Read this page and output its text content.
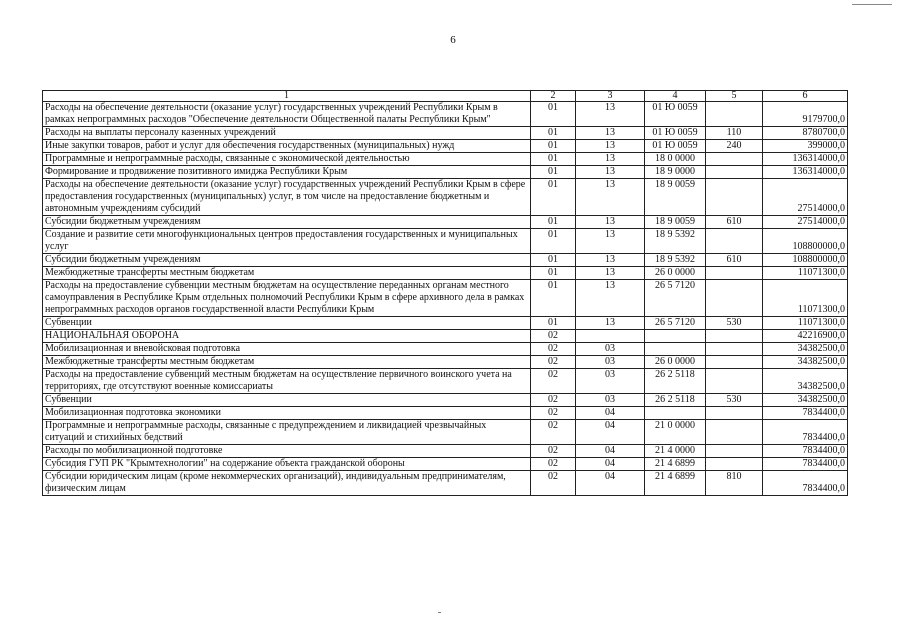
6
1	2	3	4	5	6
Расходы на обеспечение деятельности (оказание услуг) государственных учреждений Республики Крым в рамках непрограммных расходов "Обеспечение деятельности Общественной палаты Республики Крым"	01	13	01 Ю 0059		9179700,0
Расходы на выплаты персоналу казенных учреждений	01	13	01 Ю 0059	110	8780700,0
Иные закупки товаров, работ и услуг для обеспечения государственных (муниципальных) нужд	01	13	01 Ю 0059	240	399000,0
Программные и непрограммные расходы, связанные с экономической деятельностью	01	13	18 0 0000		136314000,0
Формирование и продвижение позитивного имиджа Республики Крым	01	13	18 9 0000		136314000,0
Расходы на обеспечение деятельности (оказание услуг) государственных учреждений Республики Крым в сфере предоставления государственных (муниципальных) услуг, в том числе на предоставление бюджетным и автономным учреждениям субсидий	01	13	18 9 0059		27514000,0
Субсидии бюджетным учреждениям	01	13	18 9 0059	610	27514000,0
Создание и развитие сети многофункциональных центров предоставления государственных и муниципальных услуг	01	13	18 9 5392		108800000,0
Субсидии бюджетным учреждениям	01	13	18 9 5392	610	108800000,0
Межбюджетные трансферты местным бюджетам	01	13	26 0 0000		11071300,0
Расходы на предоставление субвенции местным бюджетам на осуществление переданных органам местного самоуправления в Республике Крым отдельных полномочий Республики Крым в сфере архивного дела в рамках непрограммных расходов органов государственной власти Республики Крым	01	13	26 5 7120		11071300,0
Субвенции	01	13	26 5 7120	530	11071300,0
НАЦИОНАЛЬНАЯ ОБОРОНА	02				42216900,0
Мобилизационная и вневойсковая подготовка	02	03			34382500,0
Межбюджетные трансферты местным бюджетам	02	03	26 0 0000		34382500,0
Расходы на предоставление субвенций местным бюджетам на осуществление первичного воинского учета на территориях, где отсутствуют военные комиссариаты	02	03	26 2 5118		34382500,0
Субвенции	02	03	26 2 5118	530	34382500,0
Мобилизационная подготовка экономики	02	04			7834400,0
Программные и непрограммные расходы, связанные с предупреждением и ликвидацией чрезвычайных ситуаций и стихийных бедствий	02	04	21 0 0000		7834400,0
Расходы по мобилизационной подготовке	02	04	21 4 0000		7834400,0
Субсидия ГУП РК "Крымтехнологии" на содержание объекта гражданской обороны	02	04	21 4 6899		7834400,0
Субсидии юридическим лицам (кроме некоммерческих организаций), индивидуальным предпринимателям, физическим лицам	02	04	21 4 6899	810	7834400,0
